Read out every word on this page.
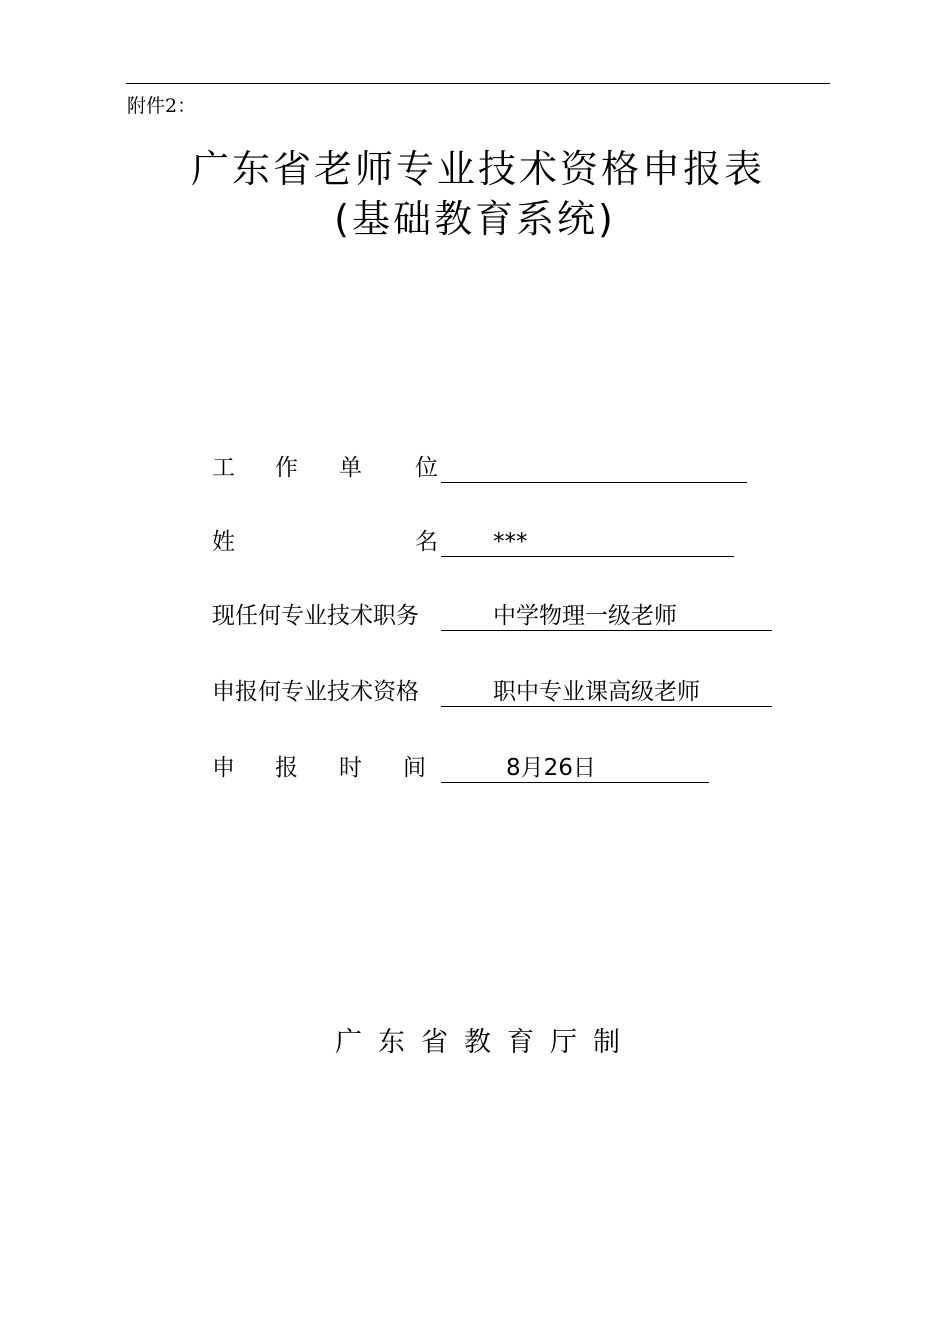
附件2：
广东省老师专业技术资格申报表
(基础教育系统)
工 作 单 位
姓	名 ***
现任何专业技术职务	中学物理一级老师
申报何专业技术资格	职中专业课高级老师
申 报 时 间	8月26日
广 东 省 教 育 厅 制
